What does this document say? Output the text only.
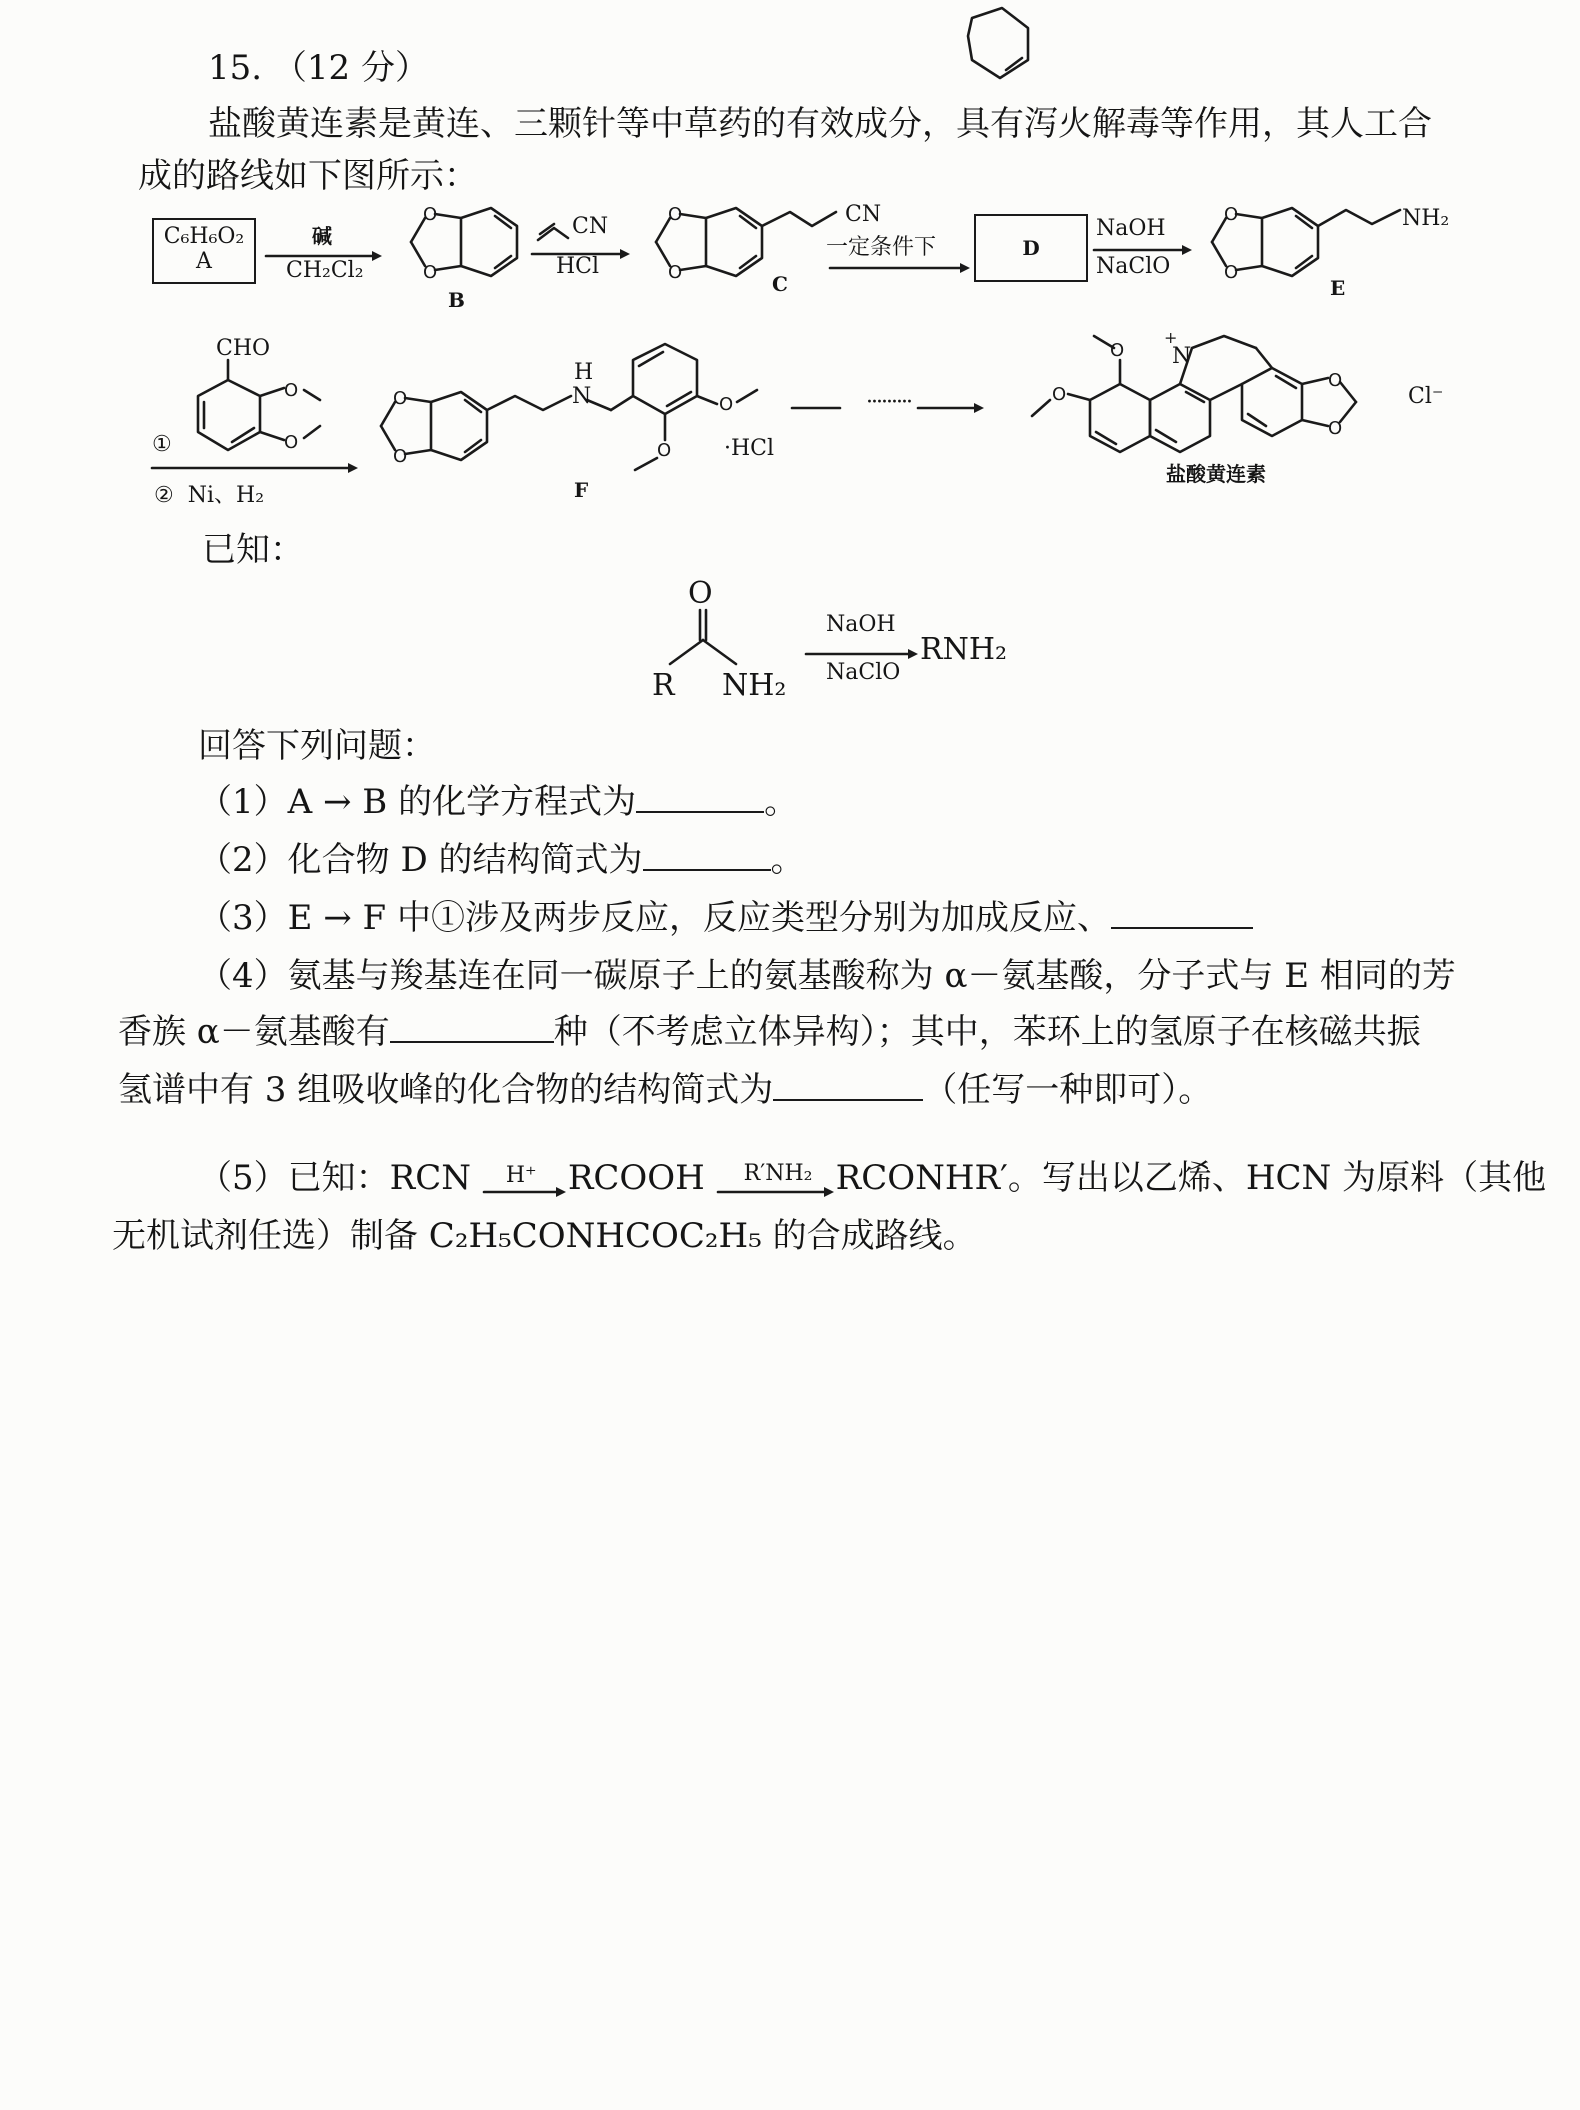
15. （12 分）
盐酸黄连素是黄连、三颗针等中草药的有效成分，具有泻火解毒等作用，其人工合
成的路线如下图所示：
C₆H₆O₂
A
碱
CH₂Cl₂
O
O
B
CN
HCl
O
O
CN
C
一定条件下	D
NaOH
NaClO
O
O
NH₂
E
O
O
CHO
①
② Ni、H₂
O
O
O
O
H
N
·HCl
F
·········
O
O
O
O
N
+
Cl⁻
盐酸黄连素
已知：
O
R NH₂
NaOH
NaClO
RNH₂
回答下列问题：
（1）A → B 的化学方程式为	。
（2）化合物 D 的结构简式为	。
（3）E → F 中①涉及两步反应，反应类型分别为加成反应、
（4）氨基与羧基连在同一碳原子上的氨基酸称为 α－氨基酸，分子式与 E 相同的芳
香族 α－氨基酸有	种（不考虑立体异构）；其中，苯环上的氢原子在核磁共振
氢谱中有 3 组吸收峰的化合物的结构简式为	（任写一种即可）。
（5）已知：RCN H⁺ RCOOH R′NH₂ RCONHR′。写出以乙烯、HCN 为原料（其他
无机试剂任选）制备 C₂H₅CONHCOC₂H₅ 的合成路线。
